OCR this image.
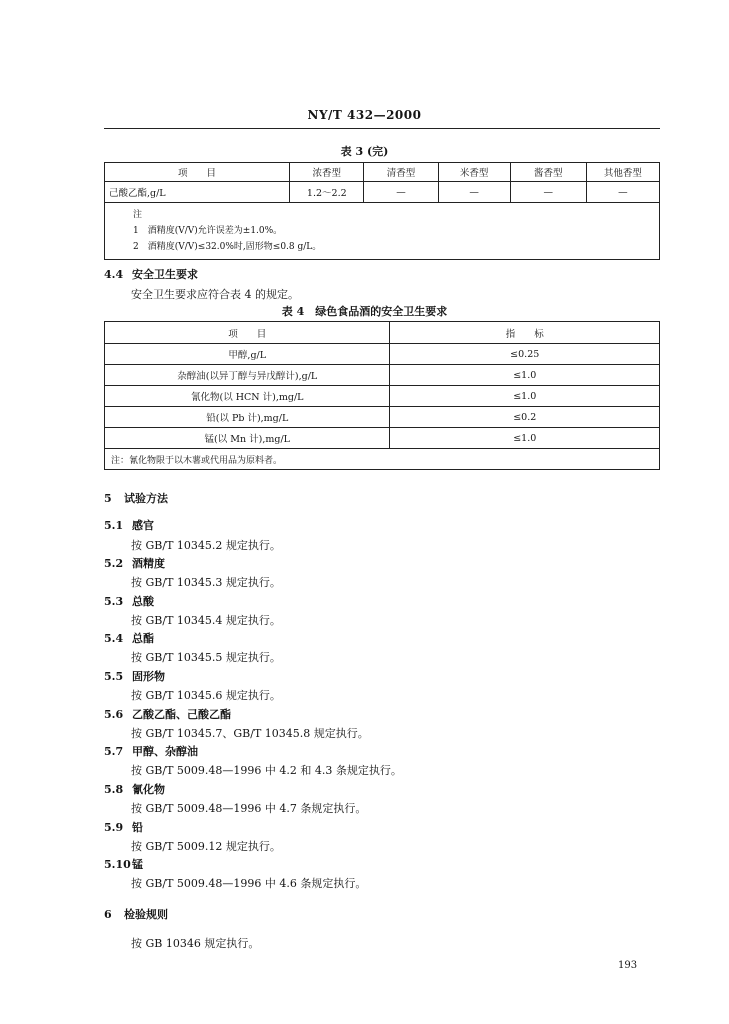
NY/T 432—2000
表 3 (完)
项　　目	浓香型	清香型	米香型	酱香型	其他香型
己酸乙酯,g/L	1.2～2.2	—	—	—	—

注
1　酒精度(V/V)允许误差为±1.0%。
2　酒精度(V/V)≤32.0%时,固形物≤0.8 g/L。					
4.4 安全卫生要求
安全卫生要求应符合表 4 的规定。
表 4　绿色食品酒的安全卫生要求
项　　目	指　　标
甲醇,g/L	≤0.25
杂醇油(以异丁醇与异戊醇计),g/L	≤1.0
氰化物(以 HCN 计),mg/L	≤1.0
铅(以 Pb 计),mg/L	≤0.2
锰(以 Mn 计),mg/L	≤1.0
注：氰化物限于以木薯或代用品为原料者。	
5 试验方法
5.1 感官
按 GB/T 10345.2 规定执行。
5.2 酒精度
按 GB/T 10345.3 规定执行。
5.3 总酸
按 GB/T 10345.4 规定执行。
5.4 总酯
按 GB/T 10345.5 规定执行。
5.5 固形物
按 GB/T 10345.6 规定执行。
5.6 乙酸乙酯、己酸乙酯
按 GB/T 10345.7、GB/T 10345.8 规定执行。
5.7 甲醇、杂醇油
按 GB/T 5009.48—1996 中 4.2 和 4.3 条规定执行。
5.8 氰化物
按 GB/T 5009.48—1996 中 4.7 条规定执行。
5.9 铅
按 GB/T 5009.12 规定执行。
5.10锰
按 GB/T 5009.48—1996 中 4.6 条规定执行。
6 检验规则
按 GB 10346 规定执行。
193
